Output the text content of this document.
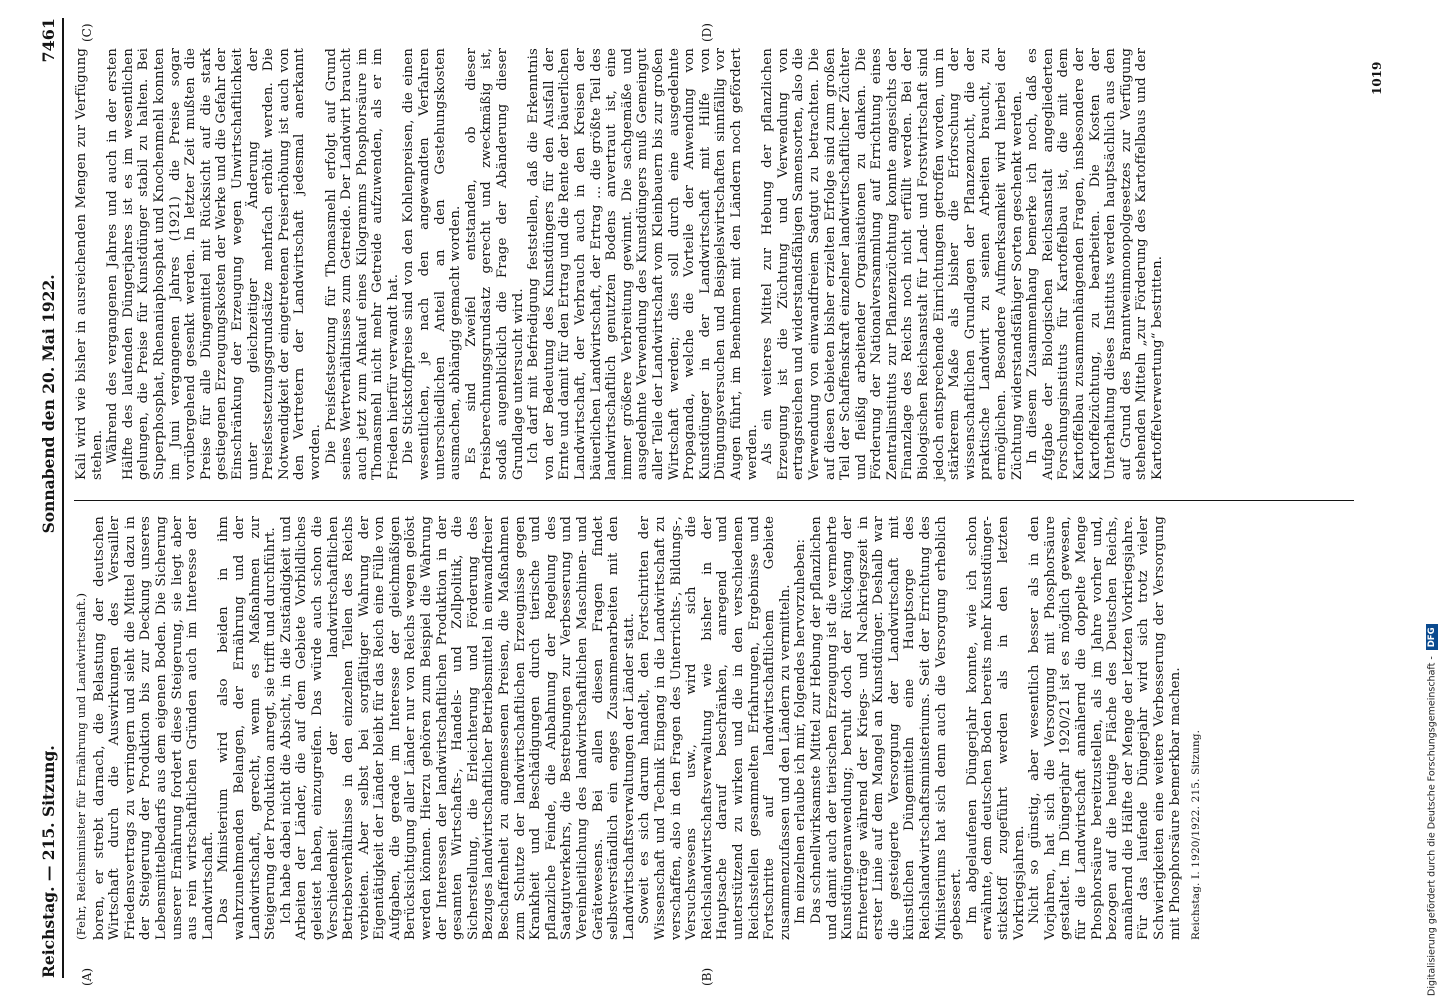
Reichstag. — 215. Sitzung.
Sonnabend den 20. Mai 1922.
7461
(A)	(B)
(C)	(D)

(Fehr, Reichsminister für Ernährung und Landwirtschaft.) boren, er strebt darnach, die Belastung der deutschen Wirtschaft durch die Auswirkungen des Versailler Friedensvertrags zu verringern und sieht die Mittel dazu in der Steigerung der Produktion bis zur Deckung unseres Lebensmittelbedarfs aus dem eigenen Boden. Die Sicherung unserer Ernährung fordert diese Steigerung, sie liegt aber aus rein wirtschaftlichen Gründen auch im Interesse der Landwirtschaft. Das Ministerium wird also beiden in ihm wahrzunehmenden Belangen, der Ernährung und der Landwirtschaft, gerecht, wenn es Maßnahmen zur Steigerung der Produktion anregt, sie trifft und durchführt. Ich habe dabei nicht die Absicht, in die Zuständigkeit und Arbeiten der Länder, die auf dem Gebiete Vorbildliches geleistet haben, einzugreifen. Das würde auch schon die Verschiedenheit der landwirtschaftlichen Betriebsverhältnisse in den einzelnen Teilen des Reichs verbieten. Aber selbst bei sorgfältiger Wahrung der Eigentätigkeit der Länder bleibt für das Reich eine Fülle von Aufgaben, die gerade im Interesse der gleichmäßigen Berücksichtigung aller Länder nur von Reichs wegen gelöst werden können. Hierzu gehören zum Beispiel die Wahrung der Interessen der landwirtschaftlichen Produktion in der gesamten Wirtschafts-, Handels- und Zollpolitik, die Sicherstellung, die Erleichterung und Förderung des Bezuges landwirtschaftlicher Betriebsmittel in einwandfreier Beschaffenheit zu angemessenen Preisen, die Maßnahmen zum Schutze der landwirtschaftlichen Erzeugnisse gegen Krankheit und Beschädigungen durch tierische und pflanzliche Feinde, die Anbahnung der Regelung des Saatgutverkehrs, die Bestrebungen zur Verbesserung und Vereinheitlichung des landwirtschaftlichen Maschinen- und Gerätewesens. Bei allen diesen Fragen findet selbstverständlich ein enges Zusammenarbeiten mit den Landwirtschaftsverwaltungen der Länder statt. Soweit es sich darum handelt, den Fortschritten der Wissenschaft und Technik Eingang in die Landwirtschaft zu verschaffen, also in den Fragen des Unterrichts-, Bildungs-, Versuchswesens usw., wird sich die Reichslandwirtschaftsverwaltung wie bisher in der Hauptsache darauf beschränken, anregend und unterstützend zu wirken und die in den verschiedenen Reichsstellen gesammelten Erfahrungen, Ergebnisse und Fortschritte auf landwirtschaftlichem Gebiete zusammenzufassen und den Ländern zu vermitteln. Im einzelnen erlaube ich mir, folgendes hervorzuheben: Das schnellwirksamste Mittel zur Hebung der pflanzlichen und damit auch der tierischen Erzeugung ist die vermehrte Kunstdüngeranwendung; beruht doch der Rückgang der Ernteerträge während der Kriegs- und Nachkriegszeit in erster Linie auf dem Mangel an Kunstdünger. Deshalb war die gesteigerte Versorgung der Landwirtschaft mit künstlichen Düngemitteln eine Hauptsorge des Reichslandwirtschaftsministeriums. Seit der Errichtung des Ministeriums hat sich denn auch die Versorgung erheblich gebessert. Im abgelaufenen Düngerjahr konnte, wie ich schon erwähnte, dem deutschen Boden bereits mehr Kunstdünger-stickstoff zugeführt werden als in den letzten Vorkriegsjahren. Nicht so günstig, aber wesentlich besser als in den Vorjahren, hat sich die Versorgung mit Phosphorsäure gestaltet. Im Düngerjahr 1920/21 ist es möglich gewesen, für die Landwirtschaft annähernd die doppelte Menge Phosphorsäure bereitzustellen, als im Jahre vorher und, bezogen auf die heutige Fläche des Deutschen Reichs, annähernd die Hälfte der Menge der letzten Vorkriegsjahre. Für das laufende Düngerjahr wird sich trotz vieler Schwierigkeiten eine weitere Verbesserung der Versorgung mit Phosphorsäure bemerkbar machen. Reichstag. I. 1920/1922. 215. Sitzung.

Kali wird wie bisher in ausreichenden Mengen zur Verfügung stehen. Während des vergangenen Jahres und auch in der ersten Hälfte des laufenden Düngerjahres ist es im wesentlichen gelungen, die Preise für Kunstdünger stabil zu halten. Bei Superphosphat, Rhenaniaphosphat und Knochenmehl konnten im Juni vergangenen Jahres (1921) die Preise sogar vorübergehend gesenkt werden. In letzter Zeit mußten die Preise für alle Düngemittel mit Rücksicht auf die stark gestiegenen Erzeugungskosten der Werke und die Gefahr der Einschränkung der Erzeugung wegen Unwirtschaftlichkeit unter gleichzeitiger Änderung der Preisfestsetzungsgrundsätze mehrfach erhöht werden. Die Notwendigkeit der eingetretenen Preiserhöhung ist auch von den Vertretern der Landwirtschaft jedesmal anerkannt worden. Die Preisfestsetzung für Thomasmehl erfolgt auf Grund seines Wertverhältnisses zum Getreide. Der Landwirt braucht auch jetzt zum Ankauf eines Kilogramms Phosphorsäure im Thomasmehl nicht mehr Getreide aufzuwenden, als er im Frieden hierfür verwandt hat. Die Stickstoffpreise sind von den Kohlenpreisen, die einen wesentlichen, je nach den angewandten Verfahren unterschiedlichen Anteil an den Gestehungskosten ausmachen, abhängig gemacht worden. Es sind Zweifel entstanden, ob dieser Preisberechnungsgrundsatz gerecht und zweckmäßig ist, sodaß augenblicklich die Frage der Abänderung dieser Grundlage untersucht wird. Ich darf mit Befriedigung feststellen, daß die Erkenntnis von der Bedeutung des Kunstdüngers für den Ausfall der Ernte und damit für den Ertrag und die Rente der bäuerlichen Landwirtschaft, der Verbrauch auch in den Kreisen der bäuerlichen Landwirtschaft, der Ertrag ... die größte Teil des landwirtschaftlich genutzten Bodens anvertraut ist, eine immer größere Verbreitung gewinnt. Die sachgemäße und ausgedehnte Verwendung des Kunstdüngers muß Gemeingut aller Teile der Landwirtschaft vom Kleinbauern bis zur großen Wirtschaft werden; dies soll durch eine ausgedehnte Propaganda, welche die Vorteile der Anwendung von Kunstdünger in der Landwirtschaft mit Hilfe von Düngungsversuchen und Beispielswirtschaften sinnfällig vor Augen führt, im Benehmen mit den Ländern noch gefördert werden. Als ein weiteres Mittel zur Hebung der pflanzlichen Erzeugung ist die Züchtung und Verwendung von ertragsreichen und widerstandsfähigen Samensorten, also die Verwendung von einwandfreiem Saatgut zu betrachten. Die auf diesen Gebieten bisher erzielten Erfolge sind zum großen Teil der Schaffenskraft einzelner landwirtschaftlicher Züchter und fleißig arbeitender Organisationen zu danken. Die Förderung der Nationalversammlung auf Errichtung eines Zentralinstituts zur Pflanzenzüchtung konnte angesichts der Finanzlage des Reichs noch nicht erfüllt werden. Bei der Biologischen Reichsanstalt für Land- und Forstwirtschaft sind jedoch entsprechende Einrichtungen getroffen worden, um in stärkerem Maße als bisher die Erforschung der wissenschaftlichen Grundlagen der Pflanzenzucht, die der praktische Landwirt zu seinen Arbeiten braucht, zu ermöglichen. Besondere Aufmerksamkeit wird hierbei der Züchtung widerstandsfähiger Sorten geschenkt werden. In diesem Zusammenhang bemerke ich noch, daß es Aufgabe der Biologischen Reichsanstalt angegliederten Forschungsinstituts für Kartoffelbau ist, die mit dem Kartoffelbau zusammenhängenden Fragen, insbesondere der Kartoffelzüchtung, zu bearbeiten. Die Kosten der Unterhaltung dieses Instituts werden hauptsächlich aus den auf Grund des Branntweinmonopolgesetzes zur Verfügung stehenden Mitteln „zur Förderung des Kartoffelbaus und der Kartoffelverwertung“ bestritten.

1019
Digitalisierung gefördert durch die Deutsche Forschungsgemeinschaft -DFG
